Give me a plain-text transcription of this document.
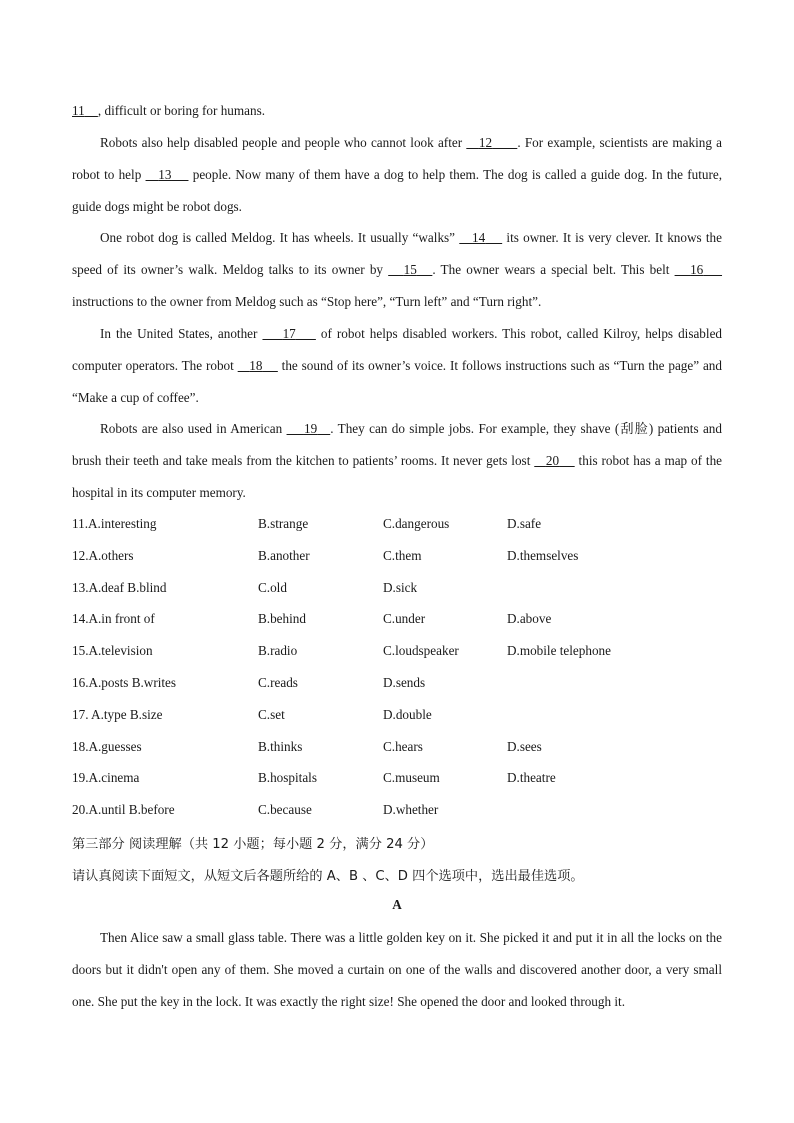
11 , difficult or boring for humans.
Robots also help disabled people and people who cannot look after    12 . For example, scientists are making a robot to help    13     people. Now many of them have a dog to help them. The dog is called a guide dog. In the future, guide dogs might be robot dogs.
One robot dog is called Meldog. It has wheels. It usually “walks”    14     its owner. It is very clever. It knows the speed of its owner’s walk. Meldog talks to its owner by    15 . The owner wears a special belt. This belt    16     instructions to the owner from Meldog such as “Stop here”, “Turn left” and “Turn right”.
In the United States, another     17     of robot helps disabled workers. This robot, called Kilroy, helps disabled computer operators. The robot    18     the sound of its owner’s voice. It follows instructions such as “Turn the page” and “Make a cup of coffee”.
Robots are also used in American     19 . They can do simple jobs. For example, they shave (刮脸) patients and brush their teeth and take meals from the kitchen to patients’ rooms. It never gets lost    20     this robot has a map of the hospital in its computer memory.
11.A.interesting	B.strange	C.dangerous	D.safe
12.A.others	B.another	C.them	D.themselves
13.A.deaf B.blind	C.old	D.sick
14.A.in front of	B.behind	C.under	D.above
15.A.television	B.radio	C.loudspeaker	D.mobile telephone
16.A.posts B.writes	C.reads	D.sends
17. A.type B.size	C.set	D.double
18.A.guesses	B.thinks	C.hears	D.sees
19.A.cinema	B.hospitals	C.museum	D.theatre
20.A.until B.before	C.because	D.whether
第三部分 阅读理解（共 12 小题；每小题 2 分，满分 24 分）
请认真阅读下面短文，从短文后各题所给的 A、B 、C、D 四个选项中，选出最佳选项。
A
Then Alice saw a small glass table. There was a little golden key on it. She picked it and put it in all the locks on the doors but it didn't open any of them. She moved a curtain on one of the walls and discovered another door, a very small one. She put the key in the lock. It was exactly the right size! She opened the door and looked through it.
